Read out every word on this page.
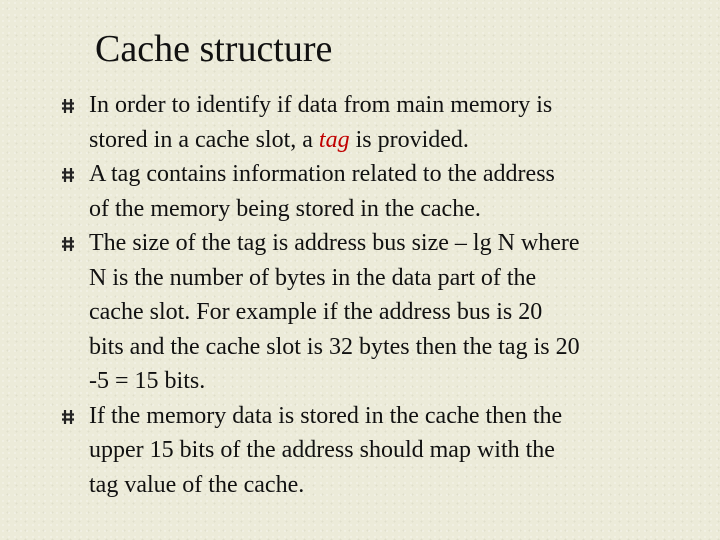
Cache structure
In order to identify if data from main memory is
stored in a cache slot, a tag is provided.
A tag contains information related to the address
of the memory being stored in the cache.
The size of the tag is address bus size – lg N where
N is the number of bytes in the data part of the
cache slot. For example if the address bus is 20
bits and the cache slot is 32 bytes then the tag is 20
-5 = 15 bits.
If the memory data is stored in the cache then the
upper 15 bits of the address should map with the
tag value of the cache.
